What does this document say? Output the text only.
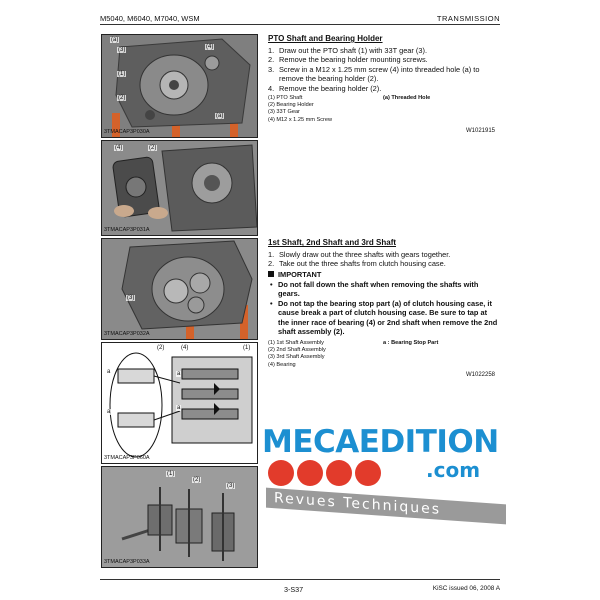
M5040, M6040, M7040, WSM	TRANSMISSION
(a)
(4)
(3)
(1)
(2)
(a)
3TMACAP3P030A
(4)	(2)
3TMACAP3P031A
(3)
3TMACAP3P032A
(2)	(4)	(1)
a
a
a
a
3TMACAP3P060A
(1)
(2)
(3)
3TMACAP3P033A
PTO Shaft and Bearing Holder
1. Draw out the PTO shaft (1) with 33T gear (3).
2. Remove the bearing holder mounting screws.
3. Screw in a M12 x 1.25 mm screw (4) into threaded hole (a) to remove the bearing holder (2).
4. Remove the bearing holder (2).
(1) PTO Shaft
(2) Bearing Holder
(3) 33T Gear
(4) M12 x 1.25 mm Screw
(a) Threaded Hole
W1021915
1st Shaft, 2nd Shaft and 3rd Shaft
1. Slowly draw out the three shafts with gears together.
2. Take out the three shafts from clutch housing case.
IMPORTANT
• Do not fall down the shaft when removing the shafts with gears.
• Do not tap the bearing stop part (a) of clutch housing case, it cause break a part of clutch housing case. Be sure to tap at the inner race of bearing (4) or 2nd shaft when remove the 2nd shaft assembly (2).
(1) 1st Shaft Assembly
(2) 2nd Shaft Assembly
(3) 3rd Shaft Assembly
(4) Bearing
a : Bearing Stop Part
W1022258
MECAEDITION
.com
Revues Techniques
3-S37	KiSC issued 06, 2008 A
